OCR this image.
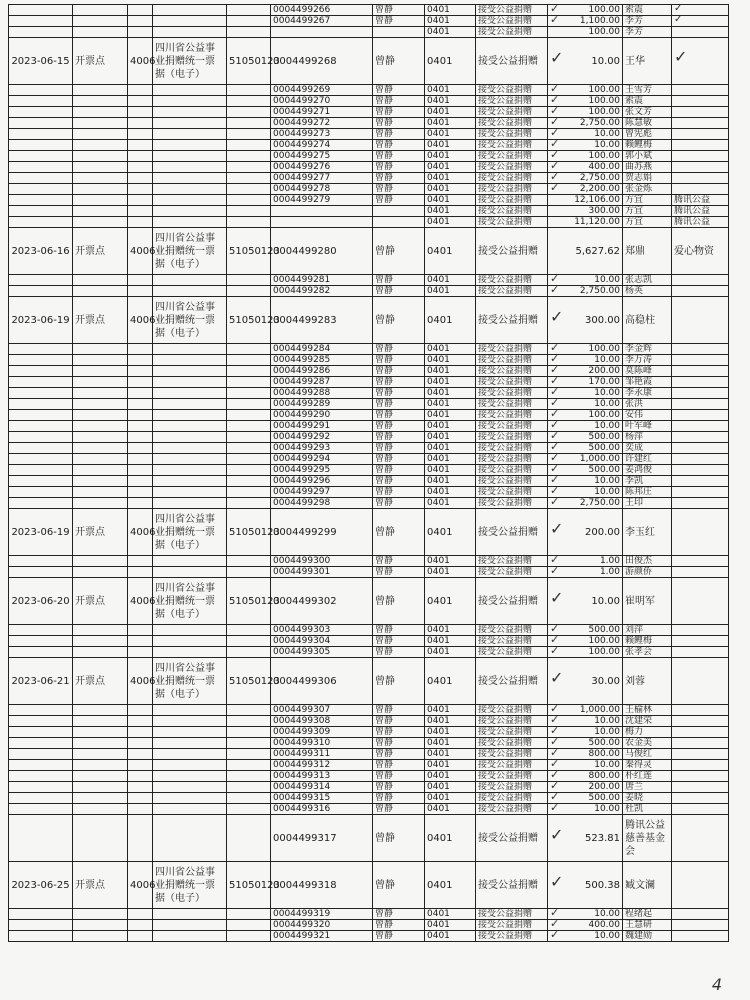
					0004499266	曾静	0401	接受公益捐赠	✓ 100.00	索震	✓

					0004499267	曾静	0401	接受公益捐赠	✓ 1,100.00	李芳	✓

							0401	接受公益捐赠	100.00	李芳	
2023-06-15	开票点	4006	四川省公益事业捐赠统一票据（电子）	51050123	0004499268	曾静	0401	接受公益捐赠	✓ 10.00	王华	✓

					0004499269	曾静	0401	接受公益捐赠	✓ 100.00	王雪芳	
					0004499270	曾静	0401	接受公益捐赠	✓ 100.00	索震	
					0004499271	曾静	0401	接受公益捐赠	✓ 100.00	张文芳	
					0004499272	曾静	0401	接受公益捐赠	✓ 2,750.00	陈慧敏	
					0004499273	曾静	0401	接受公益捐赠	✓ 10.00	曾宪彪	
					0004499274	曾静	0401	接受公益捐赠	✓ 10.00	赖鲤梅	
					0004499275	曾静	0401	接受公益捐赠	✓ 100.00	郭小斌	
					0004499276	曾静	0401	接受公益捐赠	✓ 400.00	曲苏燕	
					0004499277	曾静	0401	接受公益捐赠	✓ 2,750.00	贺志娟	
					0004499278	曾静	0401	接受公益捐赠	✓ 2,200.00	张金烁	
					0004499279	曾静	0401	接受公益捐赠	12,106.00	方宜	腾讯公益
							0401	接受公益捐赠	300.00	方宜	腾讯公益
							0401	接受公益捐赠	11,120.00	方宜	腾讯公益
2023-06-16	开票点	4006	四川省公益事业捐赠统一票据（电子）	51050123	0004499280	曾静	0401	接受公益捐赠	5,627.62	郑鼎	爱心物资
					0004499281	曾静	0401	接受公益捐赠	✓ 10.00	张志凯	
					0004499282	曾静	0401	接受公益捐赠	✓ 2,750.00	杨英	
2023-06-19	开票点	4006	四川省公益事业捐赠统一票据（电子）	51050123	0004499283	曾静	0401	接受公益捐赠	✓ 300.00	高稳柱	
					0004499284	曾静	0401	接受公益捐赠	✓ 100.00	李金辉	
					0004499285	曾静	0401	接受公益捐赠	✓ 10.00	李万涛	
					0004499286	曾静	0401	接受公益捐赠	✓ 200.00	莫陈峰	
					0004499287	曾静	0401	接受公益捐赠	✓ 170.00	邹艳霞	
					0004499288	曾静	0401	接受公益捐赠	✓ 10.00	李永康	
					0004499289	曾静	0401	接受公益捐赠	✓ 10.00	张洪	
					0004499290	曾静	0401	接受公益捐赠	✓ 100.00	安伟	
					0004499291	曾静	0401	接受公益捐赠	✓ 10.00	叶军峰	
					0004499292	曾静	0401	接受公益捐赠	✓ 500.00	杨萍	
					0004499293	曾静	0401	接受公益捐赠	✓ 500.00	奕成	
					0004499294	曾静	0401	接受公益捐赠	✓ 1,000.00	许建红	
					0004499295	曾静	0401	接受公益捐赠	✓ 500.00	姜鸿俊	
					0004499296	曾静	0401	接受公益捐赠	✓ 10.00	李凯	
					0004499297	曾静	0401	接受公益捐赠	✓ 10.00	陈邦庄	
					0004499298	曾静	0401	接受公益捐赠	✓ 2,750.00	王印	
2023-06-19	开票点	4006	四川省公益事业捐赠统一票据（电子）	51050123	0004499299	曾静	0401	接受公益捐赠	✓ 200.00	李玉红	
					0004499300	曾静	0401	接受公益捐赠	✓ 1.00	田俊杰	
					0004499301	曾静	0401	接受公益捐赠	✓ 1.00	游颜侨	
2023-06-20	开票点	4006	四川省公益事业捐赠统一票据（电子）	51050123	0004499302	曾静	0401	接受公益捐赠	✓ 10.00	崔明军	
					0004499303	曾静	0401	接受公益捐赠	✓ 500.00	刘萍	
					0004499304	曾静	0401	接受公益捐赠	✓ 100.00	赖鲤梅	
					0004499305	曾静	0401	接受公益捐赠	✓ 100.00	张孝会	
2023-06-21	开票点	4006	四川省公益事业捐赠统一票据（电子）	51050123	0004499306	曾静	0401	接受公益捐赠	✓ 30.00	刘蓉	
					0004499307	曾静	0401	接受公益捐赠	✓ 1,000.00	王榆林	
					0004499308	曾静	0401	接受公益捐赠	✓ 10.00	沈建荣	
					0004499309	曾静	0401	接受公益捐赠	✓ 10.00	梅力	
					0004499310	曾静	0401	接受公益捐赠	✓ 500.00	农金美	
					0004499311	曾静	0401	接受公益捐赠	✓ 800.00	马俊红	
					0004499312	曾静	0401	接受公益捐赠	✓ 10.00	秦得灵	
					0004499313	曾静	0401	接受公益捐赠	✓ 800.00	朴红莲	
					0004499314	曾静	0401	接受公益捐赠	✓ 200.00	唐兰	
					0004499315	曾静	0401	接受公益捐赠	✓ 500.00	姜晓	
					0004499316	曾静	0401	接受公益捐赠	✓ 10.00	杜凯	
					0004499317	曾静	0401	接受公益捐赠	✓ 523.81	腾讯公益慈善基金会	
2023-06-25	开票点	4006	四川省公益事业捐赠统一票据（电子）	51050123	0004499318	曾静	0401	接受公益捐赠	✓ 500.38	臧文澜	
					0004499319	曾静	0401	接受公益捐赠	✓ 10.00	程绪起	
					0004499320	曾静	0401	接受公益捐赠	✓ 400.00	王慧研	
					0004499321	曾静	0401	接受公益捐赠	✓ 10.00	魏建勋	
4
